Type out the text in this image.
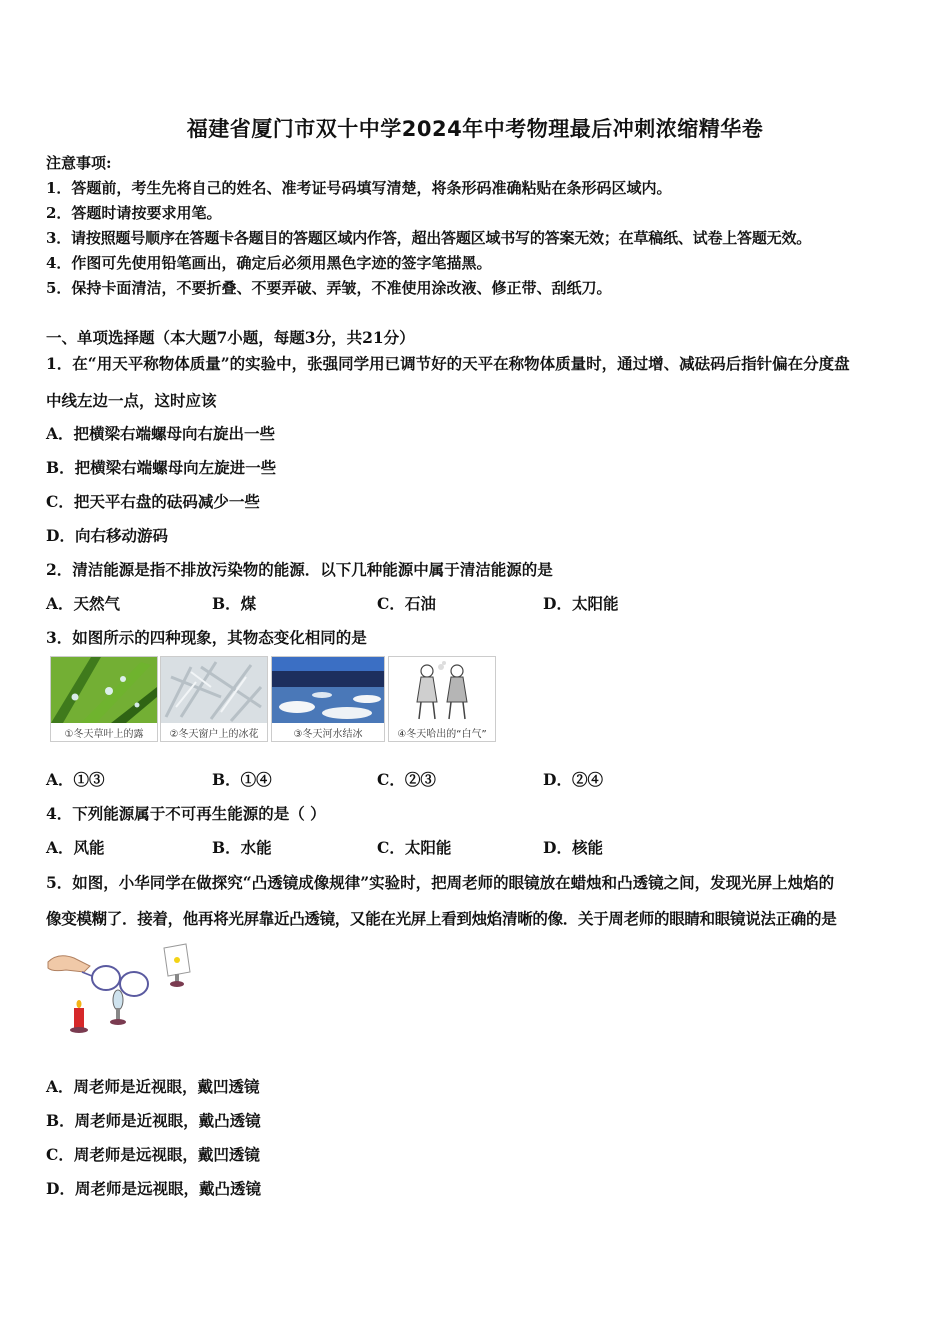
福建省厦门市双十中学2024年中考物理最后冲刺浓缩精华卷
注意事项:
1．答题前，考生先将自己的姓名、准考证号码填写清楚，将条形码准确粘贴在条形码区域内。
2．答题时请按要求用笔。
3．请按照题号顺序在答题卡各题目的答题区域内作答，超出答题区域书写的答案无效；在草稿纸、试卷上答题无效。
4．作图可先使用铅笔画出，确定后必须用黑色字迹的签字笔描黑。
5．保持卡面清洁，不要折叠、不要弄破、弄皱，不准使用涂改液、修正带、刮纸刀。
一、单项选择题（本大题7小题，每题3分，共21分）
1．在“用天平称物体质量”的实验中，张强同学用已调节好的天平在称物体质量时，通过增、减砝码后指针偏在分度盘
中线左边一点，这时应该
A．把横梁右端螺母向右旋出一些
B．把横梁右端螺母向左旋进一些
C．把天平右盘的砝码减少一些
D．向右移动游码
2．清洁能源是指不排放污染物的能源．以下几种能源中属于清洁能源的是
A．天然气	B．煤	C．石油	D．太阳能
3．如图所示的四种现象，其物态变化相同的是
①冬天草叶上的露	②冬天窗户上的冰花	③冬天河水结冰	④冬天哈出的“白气”
A．①③	B．①④	C．②③	D．②④
4．下列能源属于不可再生能源的是（ ）
A．风能	B．水能	C．太阳能	D．核能
5．如图，小华同学在做探究“凸透镜成像规律”实验时，把周老师的眼镜放在蜡烛和凸透镜之间，发现光屏上烛焰的
像变模糊了．接着，他再将光屏靠近凸透镜，又能在光屏上看到烛焰清晰的像．关于周老师的眼睛和眼镜说法正确的是
A．周老师是近视眼，戴凹透镜
B．周老师是近视眼，戴凸透镜
C．周老师是远视眼，戴凹透镜
D．周老师是远视眼，戴凸透镜
